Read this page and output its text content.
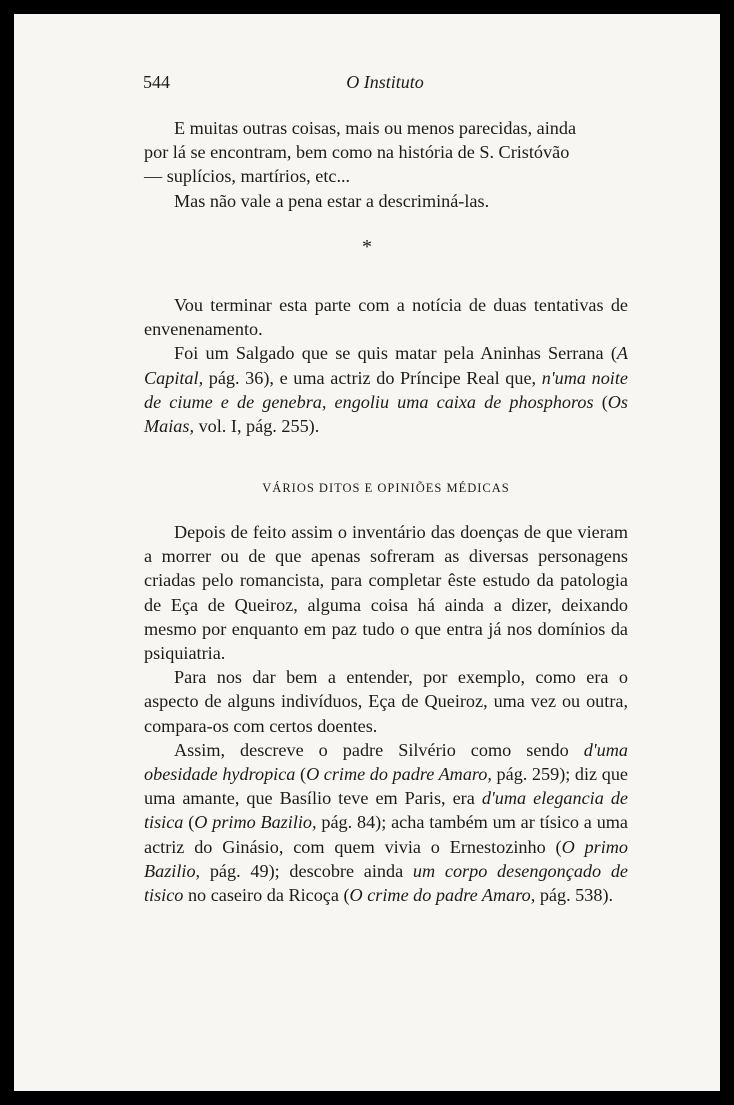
544	O Instituto

E muitas outras coisas, mais ou menos parecidas, ainda
por lá se encontram, bem como na história de S. Cristóvão

— suplícios, martírios, etc...

Mas não vale a pena estar a descriminá-las.

*

Vou terminar esta parte com a notícia de duas tentativas de envenenamento.

Foi um Salgado que se quis matar pela Aninhas Serrana (A Capital, pág. 36), e uma actriz do Príncipe Real que, n'uma noite de ciume e de genebra, engoliu uma caixa de phosphoros (Os Maias, vol. I, pág. 255).

VÁRIOS DITOS E OPINIÕES MÉDICAS

Depois de feito assim o inventário das doenças de que vieram a morrer ou de que apenas sofreram as diversas personagens criadas pelo romancista, para completar êste estudo da patologia de Eça de Queiroz, alguma coisa há ainda a dizer, deixando mesmo por enquanto em paz tudo o que entra já nos domínios da psiquiatria.

Para nos dar bem a entender, por exemplo, como era o aspecto de alguns indivíduos, Eça de Queiroz, uma vez ou outra, compara-os com certos doentes.

Assim, descreve o padre Silvério como sendo d'uma obesidade hydropica (O crime do padre Amaro, pág. 259); diz que uma amante, que Basílio teve em Paris, era d'uma elegancia de tisica (O primo Bazilio, pág. 84); acha também um ar tísico a uma actriz do Ginásio, com quem vivia o Ernestozinho (O primo Bazilio, pág. 49); descobre ainda um corpo desengonçado de tisico no caseiro da Ricoça (O crime do padre Amaro, pág. 538).
